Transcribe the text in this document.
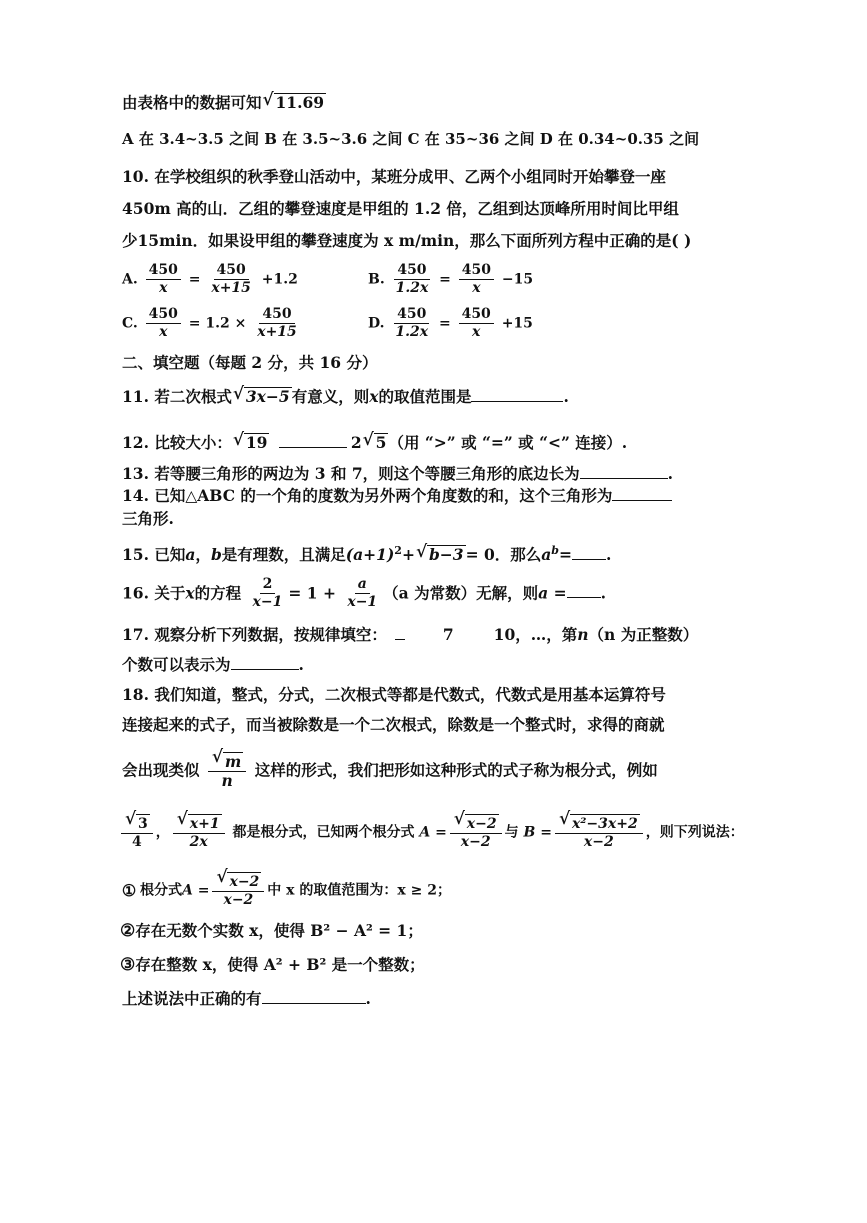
由表格中的数据可知√ 11.69
A 在 3.4~3.5 之间 B 在 3.5~3.6 之间 C 在 35~36 之间 D 在 0.34~0.35 之间
10. 在学校组织的秋季登山活动中，某班分成甲、乙两个小组同时开始攀登一座
450m 高的山．乙组的攀登速度是甲组的 1.2 倍，乙组到达顶峰所用时间比甲组
少15min．如果设甲组的攀登速度为 x m/min，那么下面所列方程中正确的是( )
A. $\frac{450}{x} = \frac{450}{x+15} +1.2$	B. $\frac{450}{1.2x} = \frac{450}{x} -15$
C. $\frac{450}{x} = 1.2 \times \frac{450}{x+15}$	D. $\frac{450}{1.2x} = \frac{450}{x} +15$
二、填空题（每题 2 分，共 16 分）
11. 若二次根式√ 3x−5 有意义，则x的取值范围是	.
12. 比较大小：√ 19	2√ 5 （用 “>” 或 “=” 或 “<” 连接）.
13. 若等腰三角形的两边为 3 和 7，则这个等腰三角形的底边长为	.
14. 已知△ABC 的一个角的度数为另外两个角度数的和，这个三角形为
三角形.
15. 已知a，b是有理数，且满足$(a+1)^2+√$ b−3 = 0．那么$a^b=$ .
16. 关于x的方程 $\frac{2}{x-1} = 1 + \frac{a}{x-1} (a$ 为常数）无解，则a = .
17. 观察分析下列数据，按规律填空：	7	10，…，第n（n 为正整数）
个数可以表示为	.
18. 我们知道，整式，分式，二次根式等都是代数式，代数式是用基本运算符号
连接起来的式子，而当被除数是一个二次根式，除数是一个整式时，求得的商就
会出现类似
√ $\frac{m}{n}$ 这样的形式，我们把形如这种形式的式子称为根分式，例如
√ $\frac{3}{4}$ ，
√ $\frac{x+1}{2x}$ 都是根分式，已知两个根分式 A =
√ $\frac{x-2}{x-2}$ 与 B =
√ $\frac{\text{x²−3x+2}}{x-2}$ ，则下列说法：
① 根分式A =
√ $\frac{x-2}{x-2}$ 中 x 的取值范围为：x ≥ 2；
②存在无数个实数 x，使得 B² − A² = 1；
③存在整数 x，使得 A² + B² 是一个整数；
上述说法中正确的有	.
